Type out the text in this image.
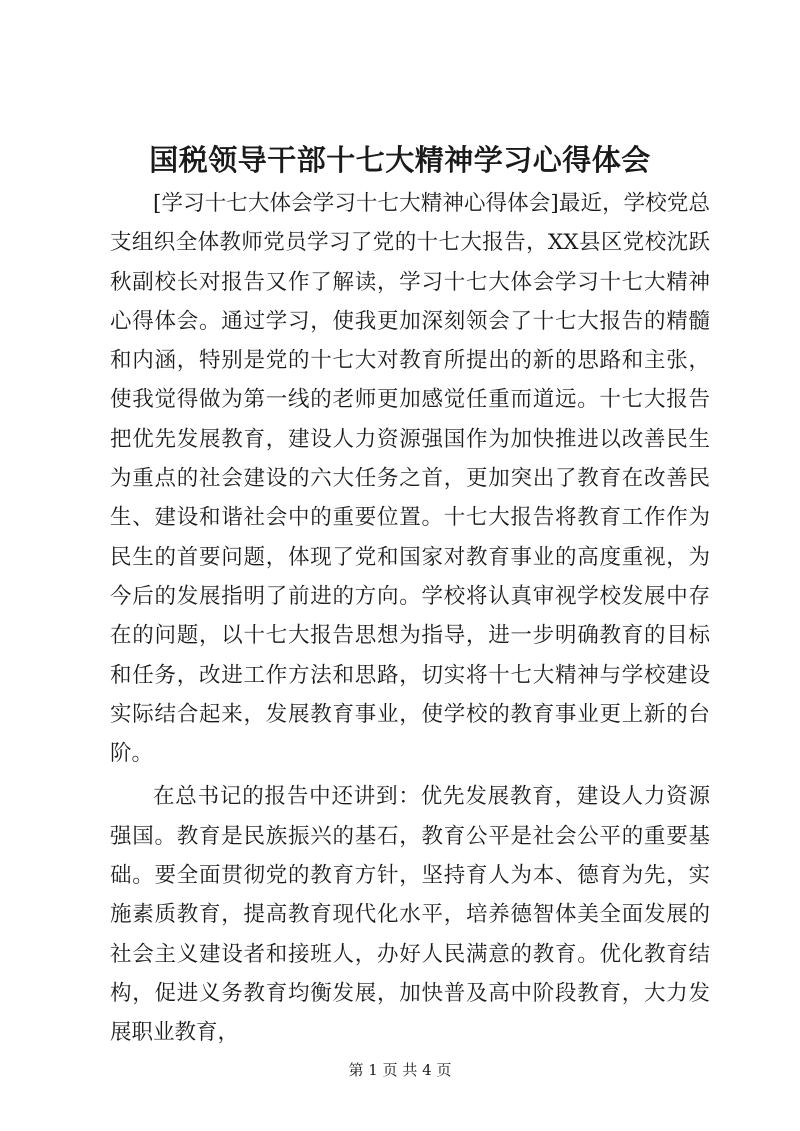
国税领导干部十七大精神学习心得体会

[学习十七大体会学习十七大精神心得体会]最近，学校党总支组织全体教师党员学习了党的十七大报告，XX县区党校沈跃秋副校长对报告又作了解读，学习十七大体会学习十七大精神心得体会。通过学习，使我更加深刻领会了十七大报告的精髓和内涵，特别是党的十七大对教育所提出的新的思路和主张，使我觉得做为第一线的老师更加感觉任重而道远。十七大报告把优先发展教育，建设人力资源强国作为加快推进以改善民生为重点的社会建设的六大任务之首，更加突出了教育在改善民生、建设和谐社会中的重要位置。十七大报告将教育工作作为民生的首要问题，体现了党和国家对教育事业的高度重视，为今后的发展指明了前进的方向。学校将认真审视学校发展中存在的问题，以十七大报告思想为指导，进一步明确教育的目标和任务，改进工作方法和思路，切实将十七大精神与学校建设实际结合起来，发展教育事业，使学校的教育事业更上新的台阶。

在总书记的报告中还讲到：优先发展教育，建设人力资源强国。教育是民族振兴的基石，教育公平是社会公平的重要基础。要全面贯彻党的教育方针，坚持育人为本、德育为先，实施素质教育，提高教育现代化水平，培养德智体美全面发展的社会主义建设者和接班人，办好人民满意的教育。优化教育结构，促进义务教育均衡发展，加快普及高中阶段教育，大力发展职业教育，

第 1 页 共 4 页
